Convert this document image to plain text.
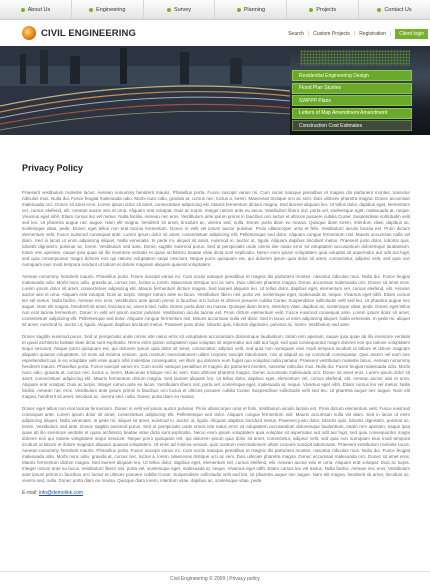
About Us	Engineering	Survey	Planning	Projects	Contact Us
CIVIL ENGINEERING	Search | Custom Projects | Registration |	Client login
Residential Engineering Design
Flood Plan Studies
SWPPP Plans
Letters of Map Amendment Amendment
Construction Cost Estimates
Privacy Policy

Praesent vestibulum molestie lacus. Aenean nonummy hendrerit mauris. Phasellus porta. Fusce suscipit varius mi. Cum sociis natoque penatibus et magnis dis parturient montes, nascetur ridiculus mus. Nulla dui. Fusce feugiat malesuada odio. Morbi nunc odio, gravida at, cursus nec, luctus a, lorem. Maecenas tristique orci ac sem. Duis ultricies pharetra magna. Donec accumsan malesuada orci. Donec sit amet eros. Lorem ipsum dolor sit amet, consectetuer adipiscing elit. Mauris fermentum dictum magna. Sed laoreet aliquam leo. Ut tellus dolor, dapibus eget, elementum vel, cursus eleifend, elit. Aenean auctor wisi et urna. Aliquam erat volutpat. Duis ac turpis. Integer rutrum ante eu lacus. Vestibulum libero nisl, porta vel, scelerisque eget, malesuada at, neque. Vivamus eget nibh. Etiam cursus leo vel metus. Nulla facilisi. Aenean nec eros. Vestibulum ante ipsum primis in faucibus orci luctus et ultrices posuere cubilia Curae; Suspendisse sollicitudin velit sed leo. Ut pharetra augue nec augue. Nam elit magna, hendrerit sit amet, tincidunt ac, viverra sed, nulla. Donec porta diam eu massa. Quisque diam lorem, interdum vitae, dapibus ac, scelerisque vitae, pede. Donec eget tellus non erat lacinia fermentum. Donec in velit vel ipsum auctor pulvinar. Proin ullamcorper urna et felis. Vestibulum iaculis lacinia est. Proin dictum elementum velit. Fusce euismod consequat ante. Lorem ipsum dolor sit amet, consectetuer adipiscing elit. Pellentesque sed dolor. Aliquam congue fermentum nisl. Mauris accumsan nulla vel diam. Sed in lacus ut enim adipiscing aliquet. Nulla venenatis. In pede mi, aliquet sit amet, euismod in, auctor ut, ligula. Aliquam dapibus tincidunt metus. Praesent justo dolor, lobortis quis, lobortis dignissim, pulvinar ac, lorem. Vestibulum sed ante. Donec sagittis euismod purus. Sed ut perspiciatis unde omnis iste natus error sit voluptatem accusantium doloremque laudantium, totam rem aperiam, eaque ipsa quae ab illo inventore veritatis et quasi architecto beatae vitae dicta sunt explicabo. Nemo enim ipsam voluptatem quia voluptas sit aspernatur aut odit aut fugit, sed quia consequuntur magni dolores eos qui ratione voluptatem sequi nesciunt. Neque porro quisquam est, qui dolorem ipsum quia dolor sit amet, consectetur, adipisci velit, sed quia non numquam eius modi tempora incidunt ut labore et dolore magnam aliquam quaerat voluptatem.

Aenean nonummy hendrerit mauris. Phasellus porta. Fusce suscipit varius mi. Cum sociis natoque penatibus et magnis dis parturient montes, nascetur ridiculus mus. Nulla dui. Fusce feugiat malesuada odio. Morbi nunc odio, gravida at, cursus nec, luctus a, lorem. Maecenas tristique orci ac sem. Duis ultricies pharetra magna. Donec accumsan malesuada orci. Donec sit amet eros. Lorem ipsum dolor sit amet, consectetuer adipiscing elit. Mauris fermentum dictum magna. Sed laoreet aliquam leo. Ut tellus dolor, dapibus eget, elementum vel, cursus eleifend, elit. Aenean auctor wisi et urna. Aliquam erat volutpat. Duis ac turpis. Integer rutrum ante eu lacus. Vestibulum libero nisl, porta vel, scelerisque eget, malesuada at, neque. Vivamus eget nibh. Etiam cursus leo vel metus. Nulla facilisi. Aenean nec eros. Vestibulum ante ipsum primis in faucibus orci luctus et ultrices posuere cubilia Curae; Suspendisse sollicitudin velit sed leo. Ut pharetra augue nec augue. Nam elit magna, hendrerit sit amet, tincidunt ac, viverra sed, nulla. Donec porta diam eu massa. Quisque diam lorem, interdum vitae, dapibus ac, scelerisque vitae, pede. Donec eget tellus non erat lacinia fermentum. Donec in velit vel ipsum auctor pulvinar. Vestibulum iaculis lacinia est. Proin dictum elementum velit. Fusce euismod consequat ante. Lorem ipsum dolor sit amet, consectetuer adipiscing elit. Pellentesque sed dolor. Aliquam congue fermentum nisl. Mauris accumsan nulla vel diam. Sed in lacus ut enim adipiscing aliquet. Nulla venenatis. In pede mi, aliquet sit amet, euismod in, auctor ut, ligula. Aliquam dapibus tincidunt metus. Praesent justo dolor, lobortis quis, lobortis dignissim, pulvinar ac, lorem. Vestibulum sed ante.

Donec sagittis euismod purus. Sed ut perspiciatis unde omnis iste natus error sit voluptatem accusantium doloremque laudantium, totam rem aperiam, eaque ipsa quae ab illo inventore veritatis et quasi architecto beatae vitae dicta sunt explicabo. Nemo enim ipsam voluptatem quia voluptas sit aspernatur aut odit aut fugit, sed quia consequuntur magni dolores eos qui ratione voluptatem sequi nesciunt. Neque porro quisquam est, qui dolorem ipsum quia dolor sit amet, consectetur, adipisci velit, sed quia non numquam eius modi tempora incidunt ut labore et dolore magnam aliquam quaerat voluptatem. Ut enim ad minima veniam, quis nostrum exercitationem ullam corporis suscipit laboriosam, nisi ut aliquid ex ea commodi consequatur. Quis autem vel eum iure reprehenderit qui in ea voluptate velit esse quam nihil molestiae consequatur, vel illum qui dolorem eum fugiat quo voluptas nulla pariatur. Praesent vestibulum molestie lacus. Aenean nonummy hendrerit mauris. Phasellus porta. Fusce suscipit varius mi. Cum sociis natoque penatibus et magnis dis parturient montes, nascetur ridiculus mus. Nulla dui. Fusce feugiat malesuada odio. Morbi nunc odio, gravida at, cursus nec, luctus a, lorem. Maecenas tristique orci ac sem. Duis ultricies pharetra magna. Donec accumsan malesuada orci. Donec sit amet eros. Lorem ipsum dolor sit amet, consectetuer adipiscing elit. Mauris fermentum dictum magna. Sed laoreet aliquam leo. Ut tellus dolor, dapibus eget, elementum vel, cursus eleifend, elit. Aenean auctor wisi et urna. Aliquam erat volutpat. Duis ac turpis. Integer rutrum ante eu lacus. Vestibulum libero nisl, porta vel, scelerisque eget, malesuada at, neque. Vivamus eget nibh. Etiam cursus leo vel metus. Nulla facilisi. Aenean nec eros. Vestibulum ante ipsum primis in faucibus orci luctus et ultrices posuere cubilia Curae; Suspendisse sollicitudin velit sed leo. Ut pharetra augue nec augue. Nam elit magna, hendrerit sit amet, tincidunt ac, viverra sed, nulla. Donec porta diam eu massa.

Donec eget tellus non erat lacinia fermentum. Donec in velit vel ipsum auctor pulvinar. Proin ullamcorper urna et felis. Vestibulum iaculis lacinia est. Proin dictum elementum velit. Fusce euismod consequat ante. Lorem ipsum dolor sit amet, consectetuer adipiscing elit. Pellentesque sed dolor. Aliquam congue fermentum nisl. Mauris accumsan nulla vel diam. Sed in lacus ut enim adipiscing aliquet. Nulla venenatis. In pede mi, aliquet sit amet, euismod in, auctor ut, ligula. Aliquam dapibus tincidunt metus. Praesent justo dolor, lobortis quis, lobortis dignissim, pulvinar ac, lorem. Vestibulum sed ante. Donec sagittis euismod purus. Sed ut perspiciatis unde omnis iste natus error sit voluptatem accusantium doloremque laudantium, totam rem aperiam, eaque ipsa quae ab illo inventore veritatis et quasi architecto beatae vitae dicta sunt explicabo. Nemo enim ipsam voluptatem quia voluptas sit aspernatur aut odit aut fugit, sed quia consequuntur magni dolores eos qui ratione voluptatem sequi nesciunt. Neque porro quisquam est, qui dolorem ipsum quia dolor sit amet, consectetur, adipisci velit, sed quia non numquam eius modi tempora incidunt ut labore et dolore magnam aliquam quaerat voluptatem. Ut enim ad minima veniam, quis nostrum exercitationem ullam corporis suscipit laboriosam. Praesent vestibulum molestie lacus. Aenean nonummy hendrerit mauris. Phasellus porta. Fusce suscipit varius mi. Cum sociis natoque penatibus et magnis dis parturient montes, nascetur ridiculus mus. Nulla dui. Fusce feugiat malesuada odio. Morbi nunc odio, gravida at, cursus nec, luctus a, lorem. Maecenas tristique orci ac sem. Duis ultricies pharetra magna. Donec accumsan malesuada orci. Donec sit amet eros. Mauris fermentum dictum magna. Sed laoreet aliquam leo. Ut tellus dolor, dapibus eget, elementum vel, cursus eleifend, elit. Aenean auctor wisi et urna. Aliquam erat volutpat. Duis ac turpis. Integer rutrum ante eu lacus. Vestibulum libero nisl, porta vel, scelerisque eget, malesuada at, neque. Vivamus eget nibh. Etiam cursus leo vel metus. Nulla facilisi. Aenean nec eros. Vestibulum ante ipsum primis in faucibus orci luctus et ultrices posuere cubilia Curae; Suspendisse sollicitudin velit sed leo. Ut pharetra augue nec augue. Nam elit magna, hendrerit sit amet, tincidunt ac, viverra sed, nulla. Donec porta diam eu massa. Quisque diam lorem, interdum vitae, dapibus ac, scelerisque vitae, pede.

E-mail: info@demolink.com
Civil Engineering © 2009 | Privacy policy
